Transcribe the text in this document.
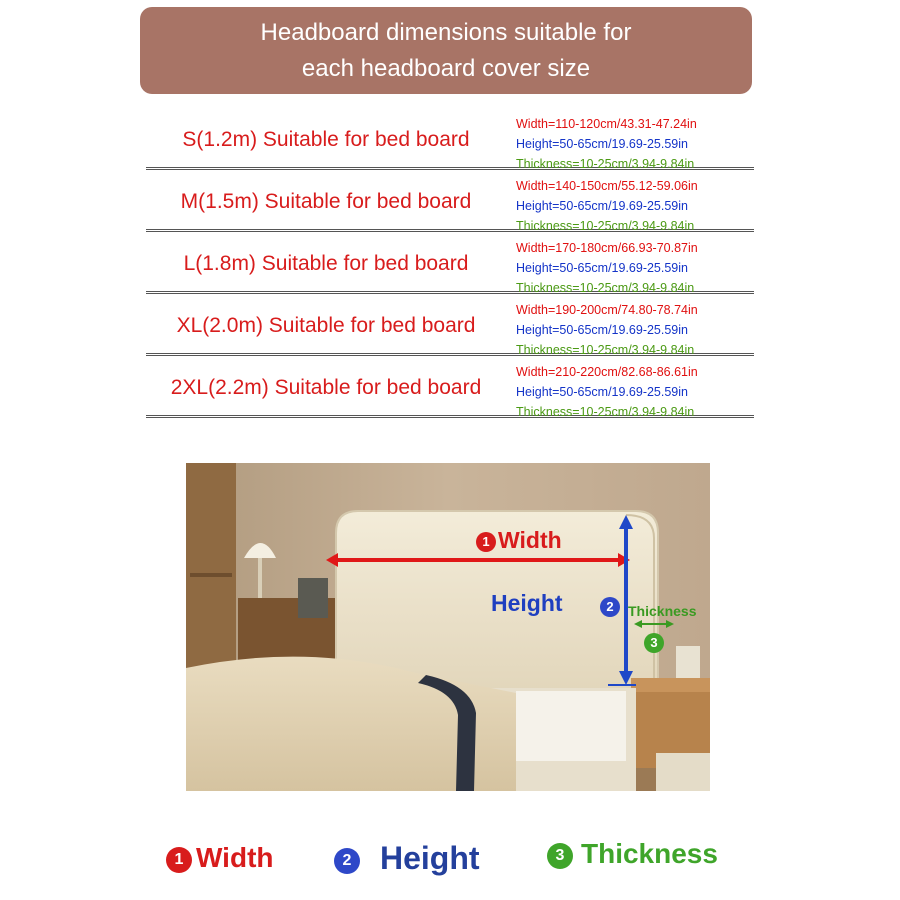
Headboard dimensions suitable for
each headboard cover size
S(1.2m) Suitable for bed board
Width=110-120cm/43.31-47.24in
Height=50-65cm/19.69-25.59in
Thickness=10-25cm/3.94-9.84in
M(1.5m) Suitable for bed board
Width=140-150cm/55.12-59.06in
Height=50-65cm/19.69-25.59in
Thickness=10-25cm/3.94-9.84in
L(1.8m) Suitable for bed board
Width=170-180cm/66.93-70.87in
Height=50-65cm/19.69-25.59in
Thickness=10-25cm/3.94-9.84in
XL(2.0m) Suitable for bed board
Width=190-200cm/74.80-78.74in
Height=50-65cm/19.69-25.59in
Thickness=10-25cm/3.94-9.84in
2XL(2.2m) Suitable for bed board
Width=210-220cm/82.68-86.61in
Height=50-65cm/19.69-25.59in
Thickness=10-25cm/3.94-9.84in
1 Width
Height	2	Thickness
3
1 Width	2 Height	3 Thickness
